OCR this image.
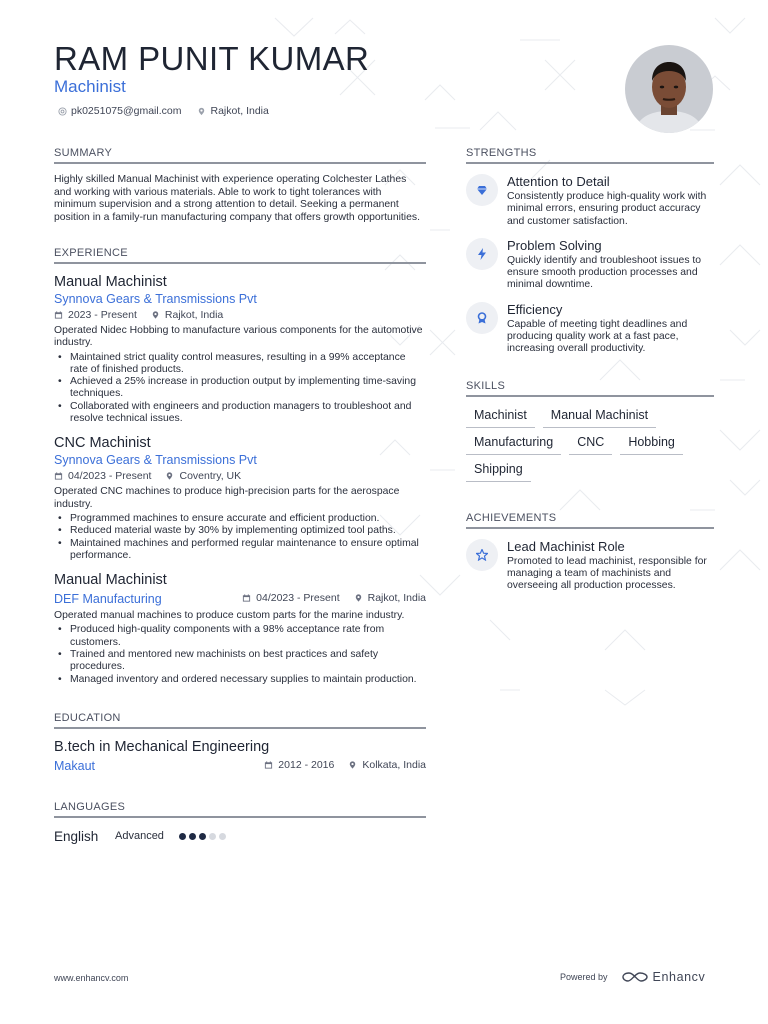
RAM PUNIT KUMAR
Machinist
pk0251075@gmail.com	Rajkot, India
SUMMARY

Highly skilled Manual Machinist with experience operating Colchester Lathes and working with various materials. Able to work to tight tolerances with minimum supervision and a strong attention to detail. Seeking a permanent position in a family-run manufacturing company that offers growth opportunities.

EXPERIENCE
Manual Machinist
Synnova Gears & Transmissions Pvt
2023 - Present	Rajkot, India
Operated Nidec Hobbing to manufacture various components for the automotive industry.
• Maintained strict quality control measures, resulting in a 99% acceptance rate of finished products.
• Achieved a 25% increase in production output by implementing time-saving techniques.
• Collaborated with engineers and production managers to troubleshoot and resolve technical issues.
CNC Machinist
Synnova Gears & Transmissions Pvt
04/2023 - Present	Coventry, UK
Operated CNC machines to produce high-precision parts for the aerospace industry.
• Programmed machines to ensure accurate and efficient production.
• Reduced material waste by 30% by implementing optimized tool paths.
• Maintained machines and performed regular maintenance to ensure optimal performance.
Manual Machinist
DEF Manufacturing	04/2023 - Present	Rajkot, India
Operated manual machines to produce custom parts for the marine industry.
• Produced high-quality components with a 98% acceptance rate from customers.
• Trained and mentored new machinists on best practices and safety procedures.
• Managed inventory and ordered necessary supplies to maintain production.
EDUCATION
B.tech in Mechanical Engineering
Makaut	2012 - 2016	Kolkata, India
LANGUAGES
English	Advanced
STRENGTHS
Attention to Detail
Consistently produce high-quality work with minimal errors, ensuring product accuracy and customer satisfaction.
Problem Solving
Quickly identify and troubleshoot issues to ensure smooth production processes and minimal downtime.
Efficiency
Capable of meeting tight deadlines and producing quality work at a fast pace, increasing overall productivity.
SKILLS
Machinist	Manual Machinist
Manufacturing	CNC	Hobbing
Shipping
ACHIEVEMENTS
Lead Machinist Role
Promoted to lead machinist, responsible for managing a team of machinists and overseeing all production processes.
www.enhancv.com	Powered by	Enhancv
